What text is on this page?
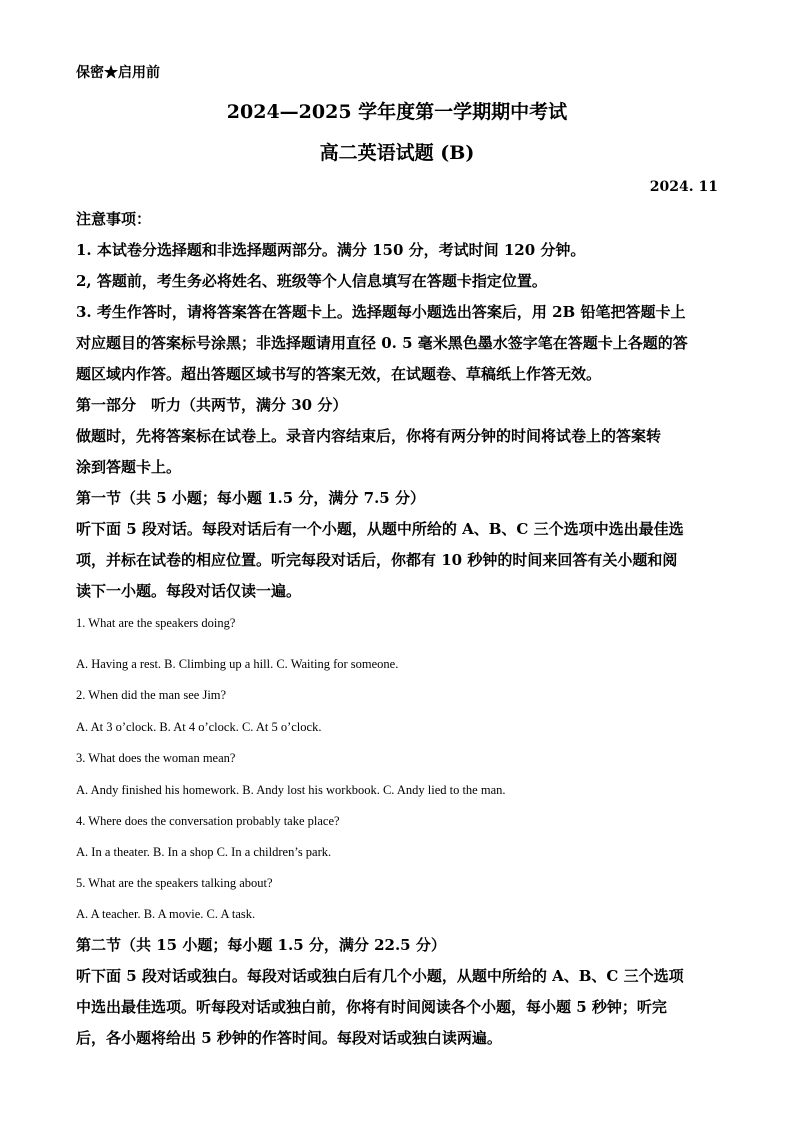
保密★启用前
2024—2025 学年度第一学期期中考试
高二英语试题 (B)
2024. 11
注意事项：
1. 本试卷分选择题和非选择题两部分。满分 150 分，考试时间 120 分钟。
2, 答题前，考生务必将姓名、班级等个人信息填写在答题卡指定位置。
3. 考生作答时，请将答案答在答题卡上。选择题每小题选出答案后，用 2B 铅笔把答题卡上
对应题目的答案标号涂黑；非选择题请用直径 0. 5 毫米黑色墨水签字笔在答题卡上各题的答
题区域内作答。超出答题区域书写的答案无效，在试题卷、草稿纸上作答无效。
第一部分　听力（共两节，满分 30 分）
做题时，先将答案标在试卷上。录音内容结束后，你将有两分钟的时间将试卷上的答案转
涂到答题卡上。
第一节（共 5 小题；每小题 1.5 分，满分 7.5 分）
听下面 5 段对话。每段对话后有一个小题，从题中所给的 A、B、C 三个选项中选出最佳选
项，并标在试卷的相应位置。听完每段对话后，你都有 10 秒钟的时间来回答有关小题和阅
读下一小题。每段对话仅读一遍。
1. What are the speakers doing?
A. Having a rest. B. Climbing up a hill. C. Waiting for someone.
2. When did the man see Jim?
A. At 3 o’clock. B. At 4 o’clock. C. At 5 o’clock.
3. What does the woman mean?
A. Andy finished his homework. B. Andy lost his workbook. C. Andy lied to the man.
4. Where does the conversation probably take place?
A. In a theater. B. In a shop C. In a children’s park.
5. What are the speakers talking about?
A. A teacher. B. A movie. C. A task.
第二节（共 15 小题；每小题 1.5 分，满分 22.5 分）
听下面 5 段对话或独白。每段对话或独白后有几个小题，从题中所给的 A、B、C 三个选项
中选出最佳选项。听每段对话或独白前，你将有时间阅读各个小题，每小题 5 秒钟；听完
后，各小题将给出 5 秒钟的作答时间。每段对话或独白读两遍。
